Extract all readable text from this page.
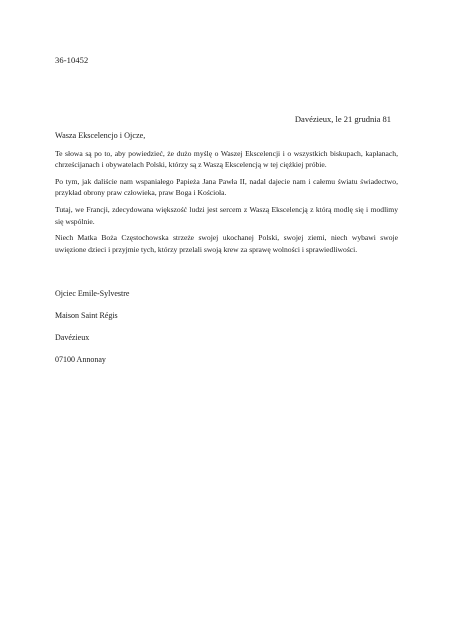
36-10452
Davézieux, le 21 grudnia 81

Wasza Ekscelencjo i Ojcze,

Te słowa są po to, aby powiedzieć, że dużo myślę o Waszej Ekscelencji i o wszystkich biskupach, kapłanach, chrześcijanach i obywatelach Polski, którzy są z Waszą Ekscelencją w tej ciężkiej próbie.

Po tym, jak daliście nam wspaniałego Papieża Jana Pawła II, nadal dajecie nam i całemu światu świadectwo, przykład obrony praw człowieka, praw Boga i Kościoła.

Tutaj, we Francji, zdecydowana większość ludzi jest sercem z Waszą Ekscelencją z którą modlę się i modlimy się wspólnie.

Niech Matka Boża Częstochowska strzeże swojej ukochanej Polski, swojej ziemi, niech wybawi swoje uwięzione dzieci i przyjmie tych, którzy przelali swoją krew za sprawę wolności i sprawiedliwości.

Ojciec Emile-Sylvestre
Maison Saint Régis
Davézieux
07100 Annonay
